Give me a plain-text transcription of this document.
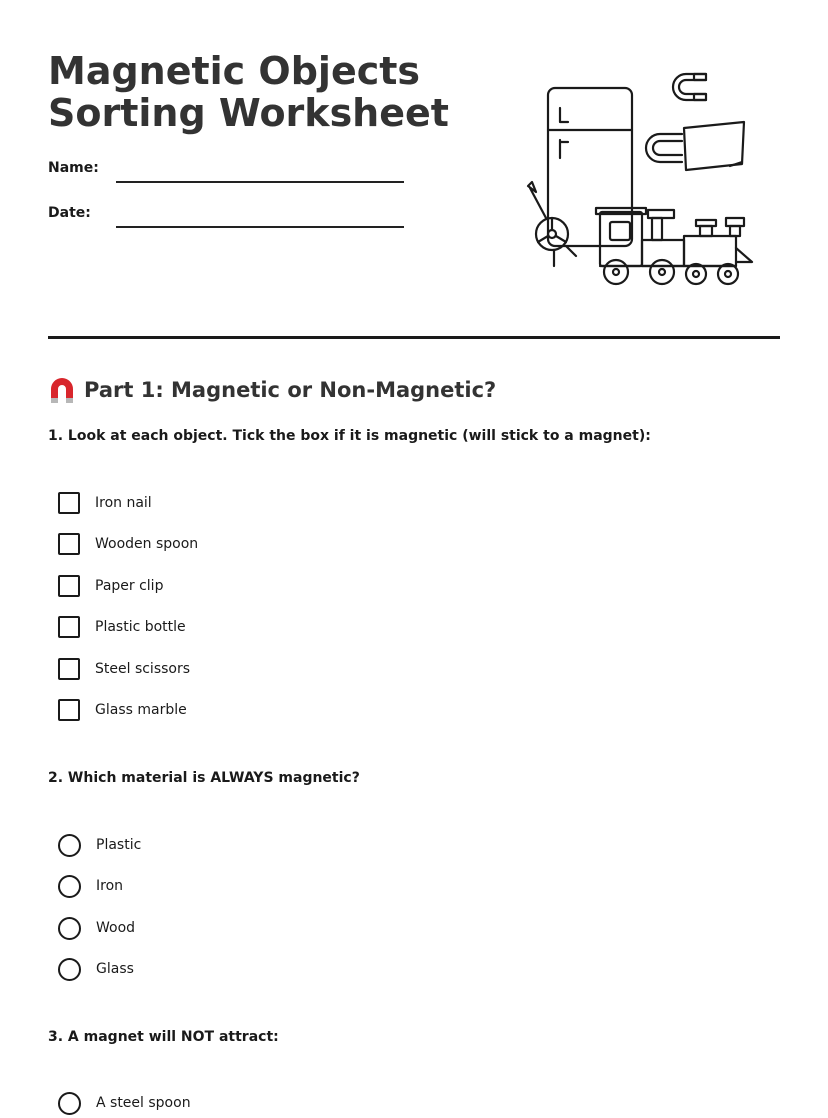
Magnetic Objects
Sorting Worksheet
Name:
Date:
Part 1: Magnetic or Non-Magnetic?

1. Look at each object. Tick the box if it is magnetic (will stick to a magnet):

Iron nail
Wooden spoon
Paper clip
Plastic bottle
Steel scissors
Glass marble

2. Which material is ALWAYS magnetic?

Plastic
Iron
Wood
Glass

3. A magnet will NOT attract:

A steel spoon
